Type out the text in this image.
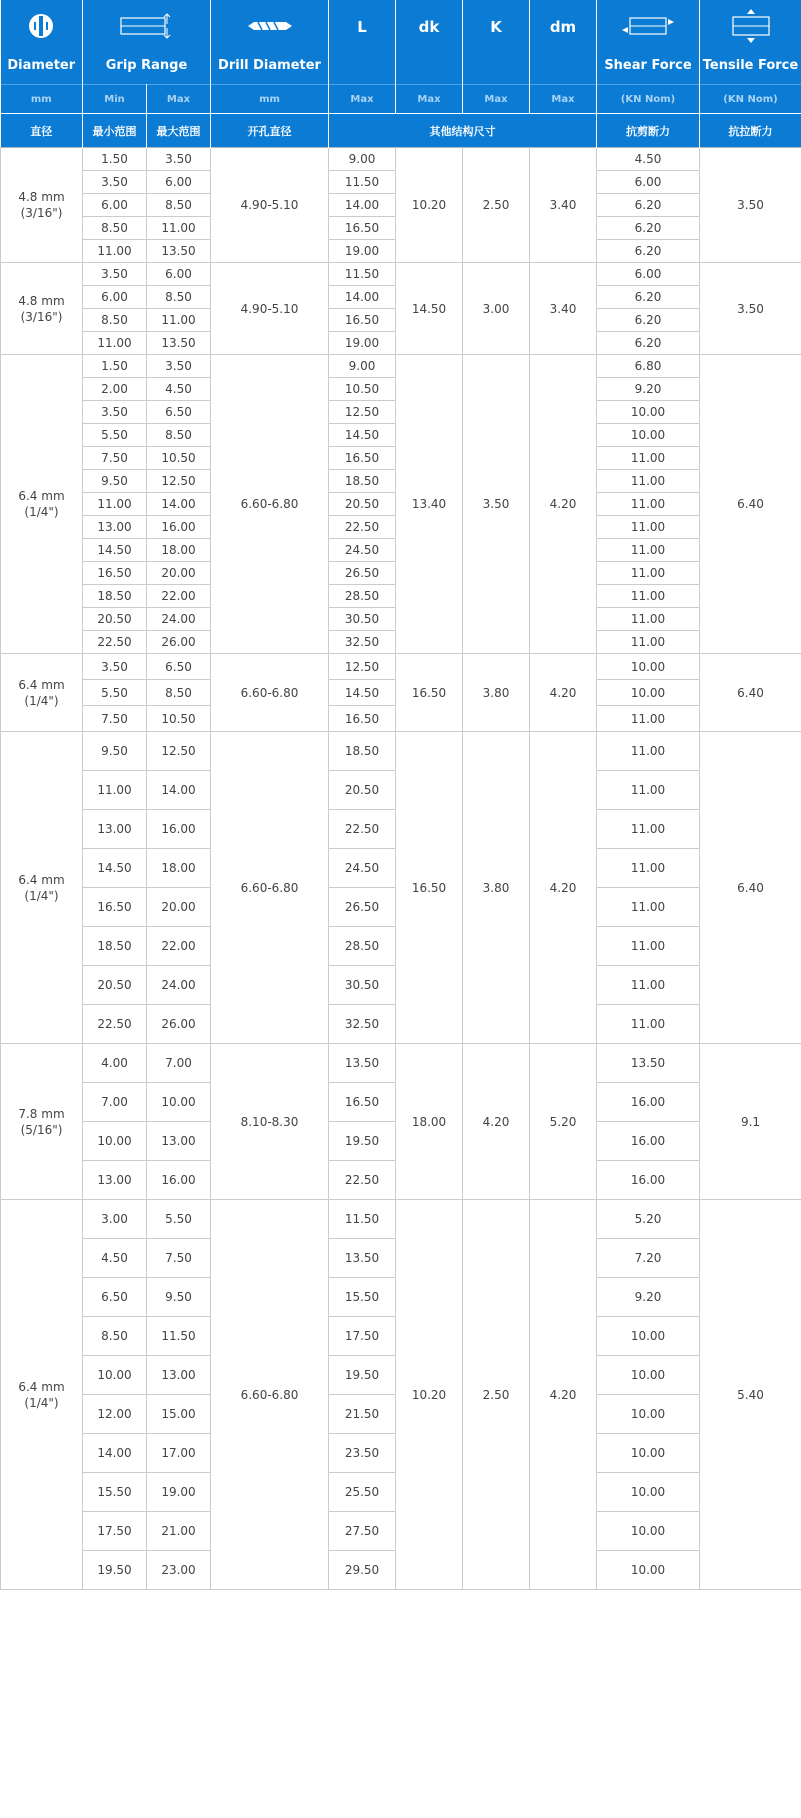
Diameter	Grip Range		Drill Diameter	L	dk	K	dm	Shear Force	Tensile Force

mm	Min	Max	mm	Max	Max	Max	Max	(KN Nom)	(KN Nom)
直径	最小范围	最大范围	开孔直径	其他结构尺寸				抗剪断力	抗拉断力

4.8 mm
(3/16")	1.50	3.50	4.90-5.10	9.00	10.20	2.50	3.40	4.50	3.50
	3.50	6.00		11.50				6.00	
	6.00	8.50		14.00				6.20	
	8.50	11.00		16.50				6.20	
	11.00	13.50		19.00				6.20	

4.8 mm
(3/16")	3.50	6.00	4.90-5.10	11.50	14.50	3.00	3.40	6.00	3.50
	6.00	8.50		14.00				6.20	
	8.50	11.00		16.50				6.20	
	11.00	13.50		19.00				6.20	

6.4 mm
(1/4")	1.50	3.50	6.60-6.80	9.00	13.40	3.50	4.20	6.80	6.40
	2.00	4.50		10.50				9.20	
	3.50	6.50		12.50				10.00	
	5.50	8.50		14.50				10.00	
	7.50	10.50		16.50				11.00	
	9.50	12.50		18.50				11.00	
	11.00	14.00		20.50				11.00	
	13.00	16.00		22.50				11.00	
	14.50	18.00		24.50				11.00	
	16.50	20.00		26.50				11.00	
	18.50	22.00		28.50				11.00	
	20.50	24.00		30.50				11.00	
	22.50	26.00		32.50				11.00	

6.4 mm
(1/4")	3.50	6.50	6.60-6.80	12.50	16.50	3.80	4.20	10.00	6.40
	5.50	8.50		14.50				10.00	
	7.50	10.50		16.50				11.00	

6.4 mm
(1/4")	9.50	12.50	6.60-6.80	18.50	16.50	3.80	4.20	11.00	6.40
	11.00	14.00		20.50				11.00	
	13.00	16.00		22.50				11.00	
	14.50	18.00		24.50				11.00	
	16.50	20.00		26.50				11.00	
	18.50	22.00		28.50				11.00	
	20.50	24.00		30.50				11.00	
	22.50	26.00		32.50				11.00	

7.8 mm
(5/16")	4.00	7.00	8.10-8.30	13.50	18.00	4.20	5.20	13.50	9.1
	7.00	10.00		16.50				16.00	
	10.00	13.00		19.50				16.00	
	13.00	16.00		22.50				16.00	

6.4 mm
(1/4")	3.00	5.50	6.60-6.80	11.50	10.20	2.50	4.20	5.20	5.40
	4.50	7.50		13.50				7.20	
	6.50	9.50		15.50				9.20	
	8.50	11.50		17.50				10.00	
	10.00	13.00		19.50				10.00	
	12.00	15.00		21.50				10.00	
	14.00	17.00		23.50				10.00	
	15.50	19.00		25.50				10.00	
	17.50	21.00		27.50				10.00	
	19.50	23.00		29.50				10.00	
